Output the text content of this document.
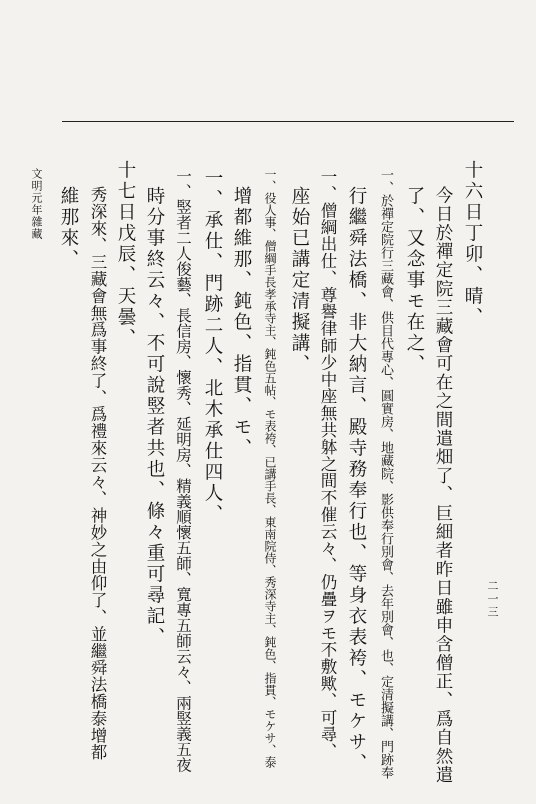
十六日丁卯、晴、
今日於禪定院三藏會可在之間遣畑了、巨細者昨日雖申含僧正、爲自然遣
了、又念事モ在之、
一、於禪定院行三藏會、供目代專心、圓實房、地藏院、影供奉行別會、去年別會、也、定清擬講、門跡奉
行繼舜法橋、非大納言、殿寺務奉行也、等身衣表袴、モケサ、
一、僧綱出仕、尊譽律師少中座無共躰之間不催云々、仍疊ヲモ不敷歟、可尋、
座始已講定清擬講、
一、役人事、僧綱手長孝承寺主、鈍色五帖、モ表袴、已講手長、東南院侍、秀深寺主、鈍色、指貫、モケサ、泰
增都維那、鈍色、指貫、モ、
一、承仕、門跡二人、北木承仕四人、
一、竪者二人俊藝、長信房、懷秀、延明房、精義順懷五師、寬專五師云々、兩竪義五夜
時分事終云々、不可說竪者共也、條々重可尋記、
十七日戊辰、天曇、
秀深來、三藏會無爲事終了、爲禮來云々、神妙之由仰了、並繼舜法橋泰增都
維那來、
文明元年雜藏
二一三
